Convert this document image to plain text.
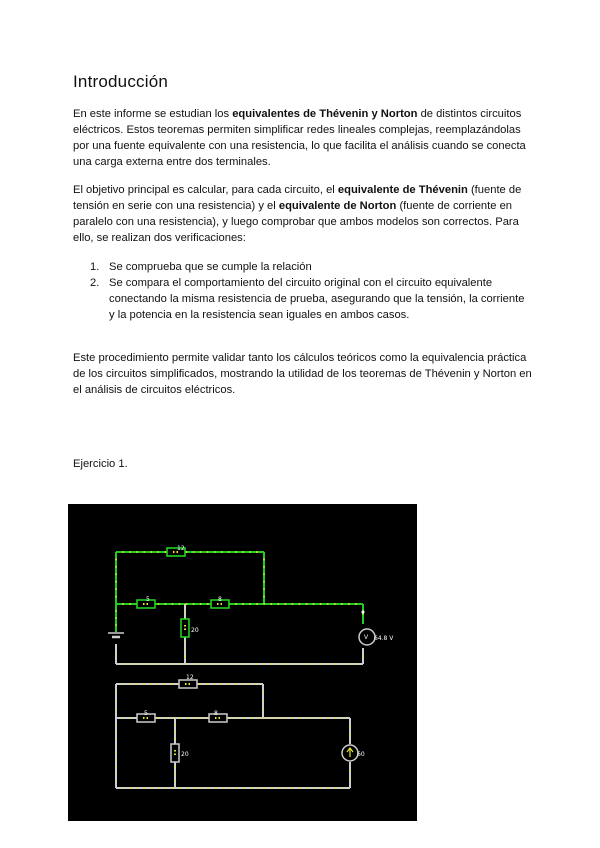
Introducción

En este informe se estudian los equivalentes de Thévenin y Norton de distintos circuitos eléctricos. Estos teoremas permiten simplificar redes lineales complejas, reemplazándolas por una fuente equivalente con una resistencia, lo que facilita el análisis cuando se conecta una carga externa entre dos terminales.

El objetivo principal es calcular, para cada circuito, el equivalente de Thévenin (fuente de tensión en serie con una resistencia) y el equivalente de Norton (fuente de corriente en paralelo con una resistencia), y luego comprobar que ambos modelos son correctos. Para ello, se realizan dos verificaciones:

1. Se comprueba que se cumple la relación
2. Se compara el comportamiento del circuito original con el circuito equivalente conectando la misma resistencia de prueba, asegurando que la tensión, la corriente y la potencia en la resistencia sean iguales en ambos casos.

Este procedimiento permite validar tanto los cálculos teóricos como la equivalencia práctica de los circuitos simplificados, mostrando la utilidad de los teoremas de Thévenin y Norton en el análisis de circuitos eléctricos.

Ejercicio 1.
12
5	8
20
V 64.8 V
12
5	8
20	60
